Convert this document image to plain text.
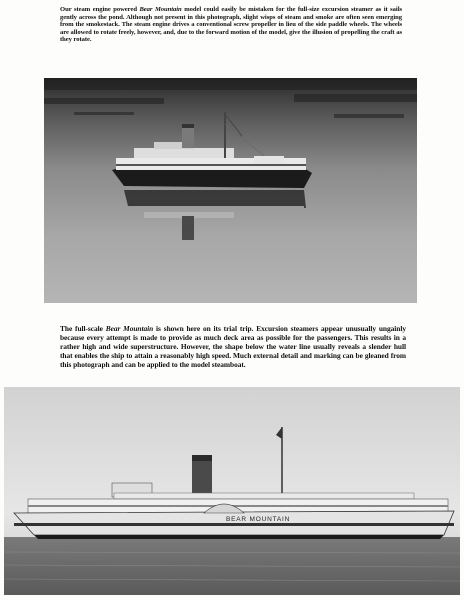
Our steam engine powered Bear Mountain model could easily be mistaken for the full-size excursion steamer as it sails gently across the pond. Although not present in this photograph, slight wisps of steam and smoke are often seen emerging from the smokestack. The steam engine drives a conventional screw propeller in lieu of the side paddle wheels. The wheels are allowed to rotate freely, however, and, due to the forward motion of the model, give the illusion of propelling the craft as they rotate.
The full-scale Bear Mountain is shown here on its trial trip. Excursion steamers appear unusually ungainly because every attempt is made to provide as much deck area as possible for the passengers. This results in a rather high and wide superstructure. However, the shape below the water line usually reveals a slender hull that enables the ship to attain a reasonably high speed. Much external detail and marking can be gleaned from this photograph and can be applied to the model steamboat.
BEAR MOUNTAIN
